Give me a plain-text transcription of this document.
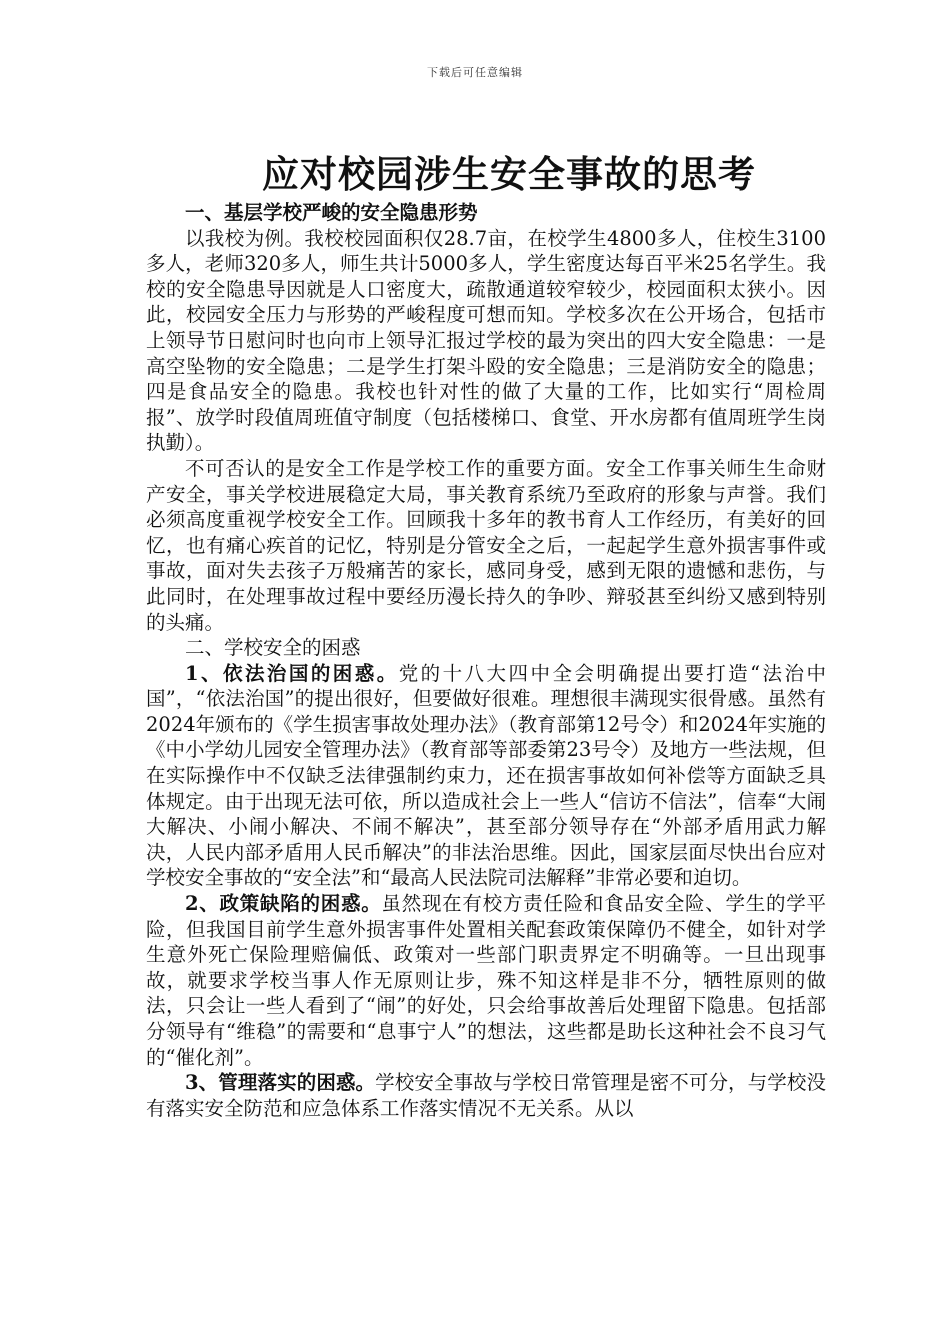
下载后可任意编辑
应对校园涉生安全事故的思考
一、基层学校严峻的安全隐患形势

以我校为例。我校校园面积仅28.7亩，在校学生4800多人，住校生3100多人，老师320多人，师生共计5000多人，学生密度达每百平米25名学生。我校的安全隐患导因就是人口密度大，疏散通道较窄较少，校园面积太狭小。因此，校园安全压力与形势的严峻程度可想而知。学校多次在公开场合，包括市上领导节日慰问时也向市上领导汇报过学校的最为突出的四大安全隐患：一是高空坠物的安全隐患；二是学生打架斗殴的安全隐患；三是消防安全的隐患；四是食品安全的隐患。我校也针对性的做了大量的工作，比如实行“周检周报”、放学时段值周班值守制度（包括楼梯口、食堂、开水房都有值周班学生岗执勤）。

不可否认的是安全工作是学校工作的重要方面。安全工作事关师生生命财产安全，事关学校进展稳定大局，事关教育系统乃至政府的形象与声誉。我们必须高度重视学校安全工作。回顾我十多年的教书育人工作经历，有美好的回忆，也有痛心疾首的记忆，特别是分管安全之后，一起起学生意外损害事件或事故，面对失去孩子万般痛苦的家长，感同身受，感到无限的遗憾和悲伤，与此同时，在处理事故过程中要经历漫长持久的争吵、辩驳甚至纠纷又感到特别的头痛。

二、学校安全的困惑

1、依法治国的困惑。党的十八大四中全会明确提出要打造“法治中国”，“依法治国”的提出很好，但要做好很难。理想很丰满现实很骨感。虽然有2024年颁布的《学生损害事故处理办法》（教育部第12号令）和2024年实施的《中小学幼儿园安全管理办法》（教育部等部委第23号令）及地方一些法规，但在实际操作中不仅缺乏法律强制约束力，还在损害事故如何补偿等方面缺乏具体规定。由于出现无法可依，所以造成社会上一些人“信访不信法”，信奉“大闹大解决、小闹小解决、不闹不解决”，甚至部分领导存在“外部矛盾用武力解决，人民内部矛盾用人民币解决”的非法治思维。因此，国家层面尽快出台应对学校安全事故的“安全法”和“最高人民法院司法解释”非常必要和迫切。

2、政策缺陷的困惑。虽然现在有校方责任险和食品安全险、学生的学平险，但我国目前学生意外损害事件处置相关配套政策保障仍不健全，如针对学生意外死亡保险理赔偏低、政策对一些部门职责界定不明确等。一旦出现事故，就要求学校当事人作无原则让步，殊不知这样是非不分，牺牲原则的做法，只会让一些人看到了“闹”的好处，只会给事故善后处理留下隐患。包括部分领导有“维稳”的需要和“息事宁人”的想法，这些都是助长这种社会不良习气的“催化剂”。

3、管理落实的困惑。学校安全事故与学校日常管理是密不可分，与学校没有落实安全防范和应急体系工作落实情况不无关系。从以
